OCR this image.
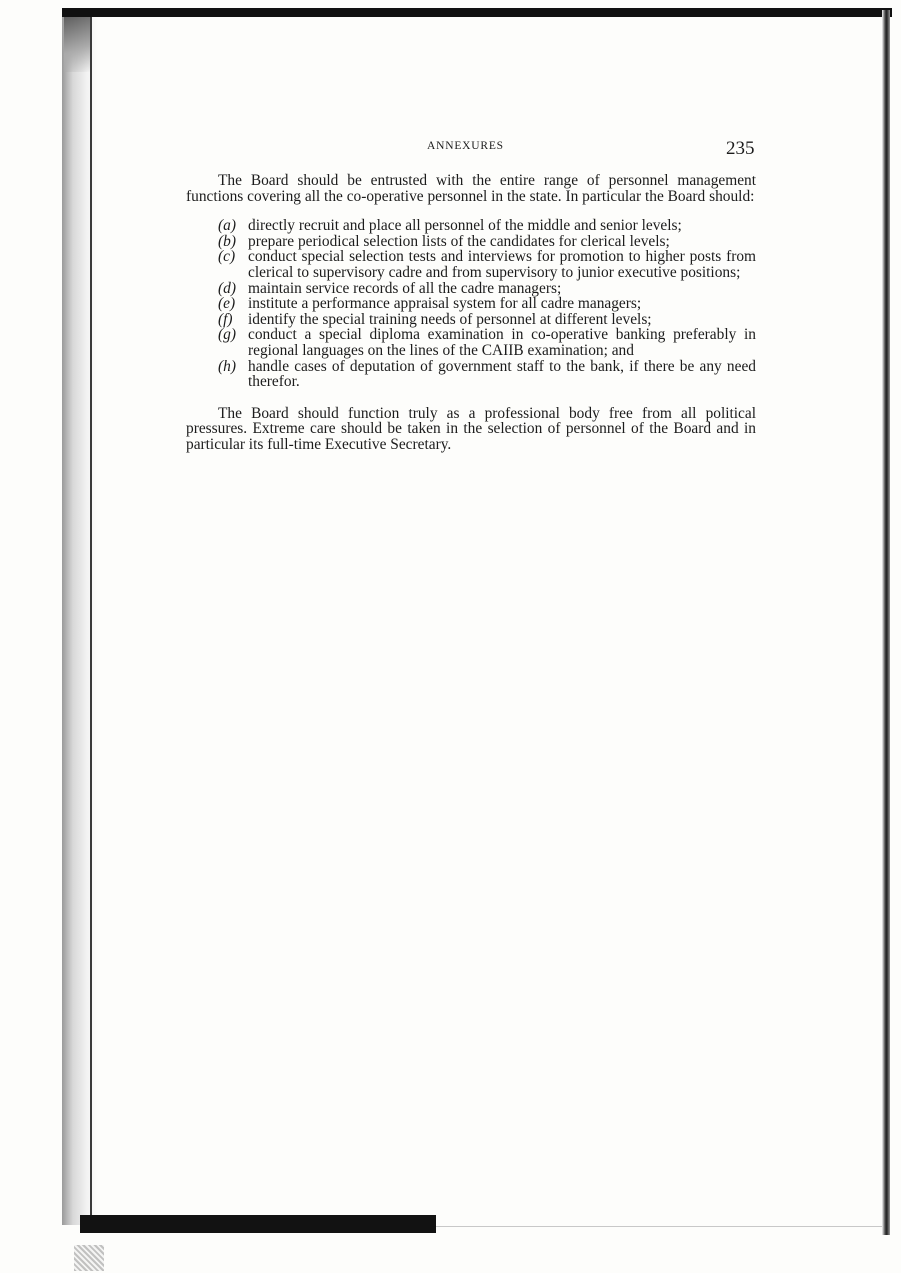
ANNEXURES	235

The Board should be entrusted with the entire range of personnel management functions covering all the co-operative personnel in the state. In particular the Board should:

(a) directly recruit and place all personnel of the middle and senior levels;
(b) prepare periodical selection lists of the candidates for clerical levels;
(c) conduct special selection tests and interviews for promotion to higher posts from clerical to supervisory cadre and from supervisory to junior executive positions;
(d) maintain service records of all the cadre managers;
(e) institute a performance appraisal system for all cadre managers;
(f)	identify the special training needs of personnel at different levels;
(g) conduct a special diploma examination in co-operative banking preferably in regional languages on the lines of the CAIIB examination; and
(h) handle cases of deputation of government staff to the bank, if there be any need therefor.

The Board should function truly as a professional body free from all political pressures. Extreme care should be taken in the selection of personnel of the Board and in particular its full-time Executive Secretary.
